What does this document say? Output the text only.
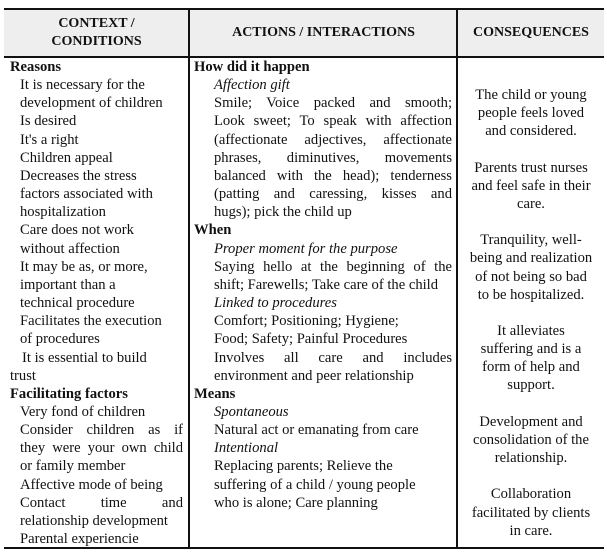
CONTEXT / CONDITIONS
ACTIONS / INTERACTIONS	CONSEQUENCES
Reasons
It is necessary for the
development of children
Is desired
It's a right
Children appeal
Decreases the stress
factors associated with
hospitalization
Care does not work
without affection
It may be as, or more,
important than a
technical procedure
Facilitates the execution
of procedures
It is essential to build
trust
Facilitating factors
Very fond of children
Consider children as if
they were your own child
or family member
Affective mode of being
Contact time and
relationship development
Parental experiencie
How did it happen
Affection gift
Smile; Voice packed and smooth;
Look sweet; To speak with affection
(affectionate adjectives, affectionate
phrases, diminutives, movements
balanced with the head); tenderness
(patting and caressing, kisses and
hugs); pick the child up
When
Proper moment for the purpose
Saying hello at the beginning of the
shift; Farewells; Take care of the child
Linked to procedures
Comfort; Positioning; Hygiene;
Food; Safety; Painful Procedures
Involves all care and includes
environment and peer relationship
Means
Spontaneous
Natural act or emanating from care
Intentional
Replacing parents; Relieve the
suffering of a child / young people
who is alone; Care planning
The child or young
people feels loved
and considered.
Parents trust nurses
and feel safe in their
care.
Tranquility, well-
being and realization
of not being so bad
to be hospitalized.
It alleviates
suffering and is a
form of help and
support.
Development and
consolidation of the
relationship.
Collaboration
facilitated by clients
in care.
